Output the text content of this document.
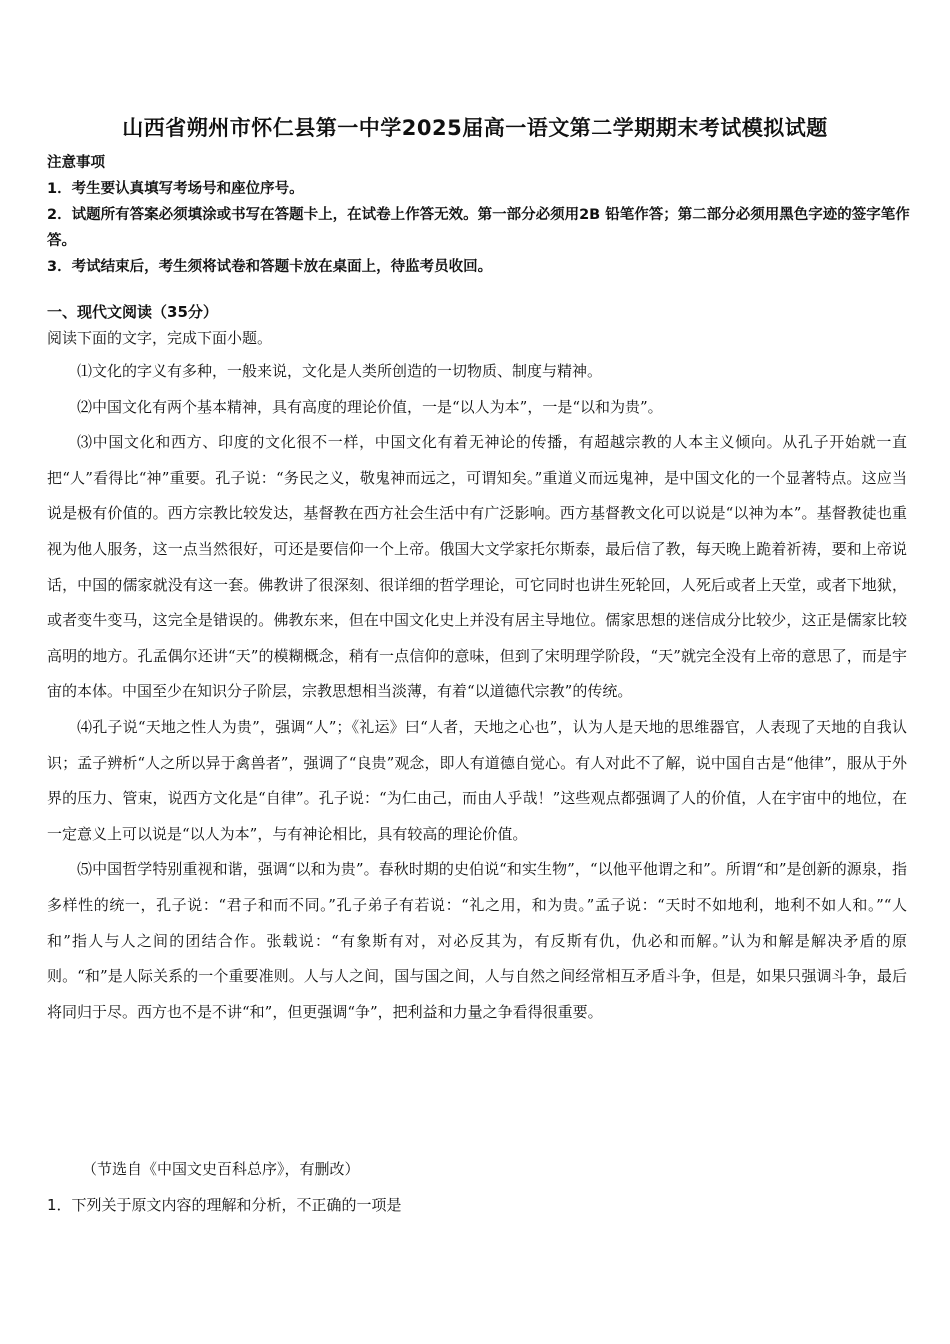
山西省朔州市怀仁县第一中学2025届高一语文第二学期期末考试模拟试题
注意事项
1．考生要认真填写考场号和座位序号。
2．试题所有答案必须填涂或书写在答题卡上，在试卷上作答无效。第一部分必须用2B 铅笔作答；第二部分必须用黑色字迹的签字笔作答。
3．考试结束后，考生须将试卷和答题卡放在桌面上，待监考员收回。
一、现代文阅读（35分）
阅读下面的文字，完成下面小题。

⑴文化的字义有多种，一般来说，文化是人类所创造的一切物质、制度与精神。

⑵中国文化有两个基本精神，具有高度的理论价值，一是“以人为本”，一是“以和为贵”。

⑶中国文化和西方、印度的文化很不一样，中国文化有着无神论的传播，有超越宗教的人本主义倾向。从孔子开始就一直把“人”看得比“神”重要。孔子说：“务民之义，敬鬼神而远之，可谓知矣。”重道义而远鬼神，是中国文化的一个显著特点。这应当说是极有价值的。西方宗教比较发达，基督教在西方社会生活中有广泛影响。西方基督教文化可以说是“以神为本”。基督教徒也重视为他人服务，这一点当然很好，可还是要信仰一个上帝。俄国大文学家托尔斯泰，最后信了教，每天晚上跪着祈祷，要和上帝说话，中国的儒家就没有这一套。佛教讲了很深刻、很详细的哲学理论，可它同时也讲生死轮回，人死后或者上天堂，或者下地狱，或者变牛变马，这完全是错误的。佛教东来，但在中国文化史上并没有居主导地位。儒家思想的迷信成分比较少，这正是儒家比较高明的地方。孔孟偶尔还讲“天”的模糊概念，稍有一点信仰的意味，但到了宋明理学阶段，“天”就完全没有上帝的意思了，而是宇宙的本体。中国至少在知识分子阶层，宗教思想相当淡薄，有着“以道德代宗教”的传统。

⑷孔子说“天地之性人为贵”，强调“人”；《礼运》曰“人者，天地之心也”，认为人是天地的思维器官，人表现了天地的自我认识；孟子辨析“人之所以异于禽兽者”，强调了“良贵”观念，即人有道德自觉心。有人对此不了解，说中国自古是“他律”，服从于外界的压力、管束，说西方文化是“自律”。孔子说：“为仁由己，而由人乎哉！”这些观点都强调了人的价值，人在宇宙中的地位，在一定意义上可以说是“以人为本”，与有神论相比，具有较高的理论价值。

⑸中国哲学特别重视和谐，强调“以和为贵”。春秋时期的史伯说“和实生物”，“以他平他谓之和”。所谓“和”是创新的源泉，指多样性的统一，孔子说：“君子和而不同。”孔子弟子有若说：“礼之用，和为贵。”孟子说：“天时不如地利，地利不如人和。”“人和”指人与人之间的团结合作。张载说：“有象斯有对，对必反其为，有反斯有仇，仇必和而解。”认为和解是解决矛盾的原则。“和”是人际关系的一个重要准则。人与人之间，国与国之间，人与自然之间经常相互矛盾斗争，但是，如果只强调斗争，最后将同归于尽。西方也不是不讲“和”，但更强调“争”，把利益和力量之争看得很重要。

（节选自《中国文史百科总序》，有删改）
1．下列关于原文内容的理解和分析，不正确的一项是
